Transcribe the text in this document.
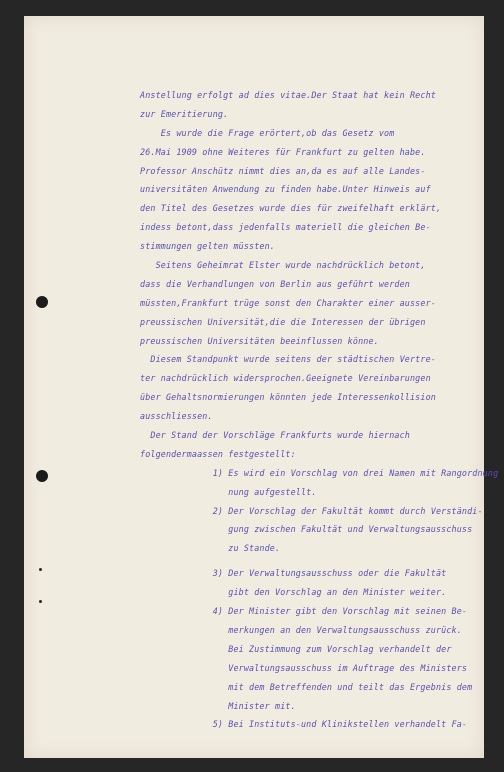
Anstellung erfolgt ad dies vitae.Der Staat hat kein Recht
zur Emeritierung.
Es wurde die Frage erörtert,ob das Gesetz vom
26.Mai 1909 ohne Weiteres für Frankfurt zu gelten habe.
Professor Anschütz nimmt dies an,da es auf alle Landes-
universitäten Anwendung zu finden habe.Unter Hinweis auf
den Titel des Gesetzes wurde dies für zweifelhaft erklärt,
indess betont,dass jedenfalls materiell die gleichen Be-
stimmungen gelten müssten.
Seitens Geheimrat Elster wurde nachdrücklich betont,
dass die Verhandlungen von Berlin aus geführt werden
müssten,Frankfurt trüge sonst den Charakter einer ausser-
preussischen Universität,die die Interessen der übrigen
preussischen Universitäten beeinflussen könne.
Diesem Standpunkt wurde seitens der städtischen Vertre-
ter nachdrücklich widersprochen.Geeignete Vereinbarungen
über Gehaltsnormierungen könnten jede Interessenkollision
ausschliessen.
Der Stand der Vorschläge Frankfurts wurde hiernach
folgendermaassen festgestellt:
1) Es wird ein Vorschlag von drei Namen mit Rangordnung
nung aufgestellt.
2) Der Vorschlag der Fakultät kommt durch Verständi-
gung zwischen Fakultät und Verwaltungsausschuss
zu Stande.
3) Der Verwaltungsausschuss oder die Fakultät
gibt den Vorschlag an den Minister weiter.
4) Der Minister gibt den Vorschlag mit seinen Be-
merkungen an den Verwaltungsausschuss zurück.
Bei Zustimmung zum Vorschlag verhandelt der
Verwaltungsausschuss im Auftrage des Ministers
mit dem Betreffenden und teilt das Ergebnis dem
Minister mit.
5) Bei Instituts-und Klinikstellen verhandelt Fa-
